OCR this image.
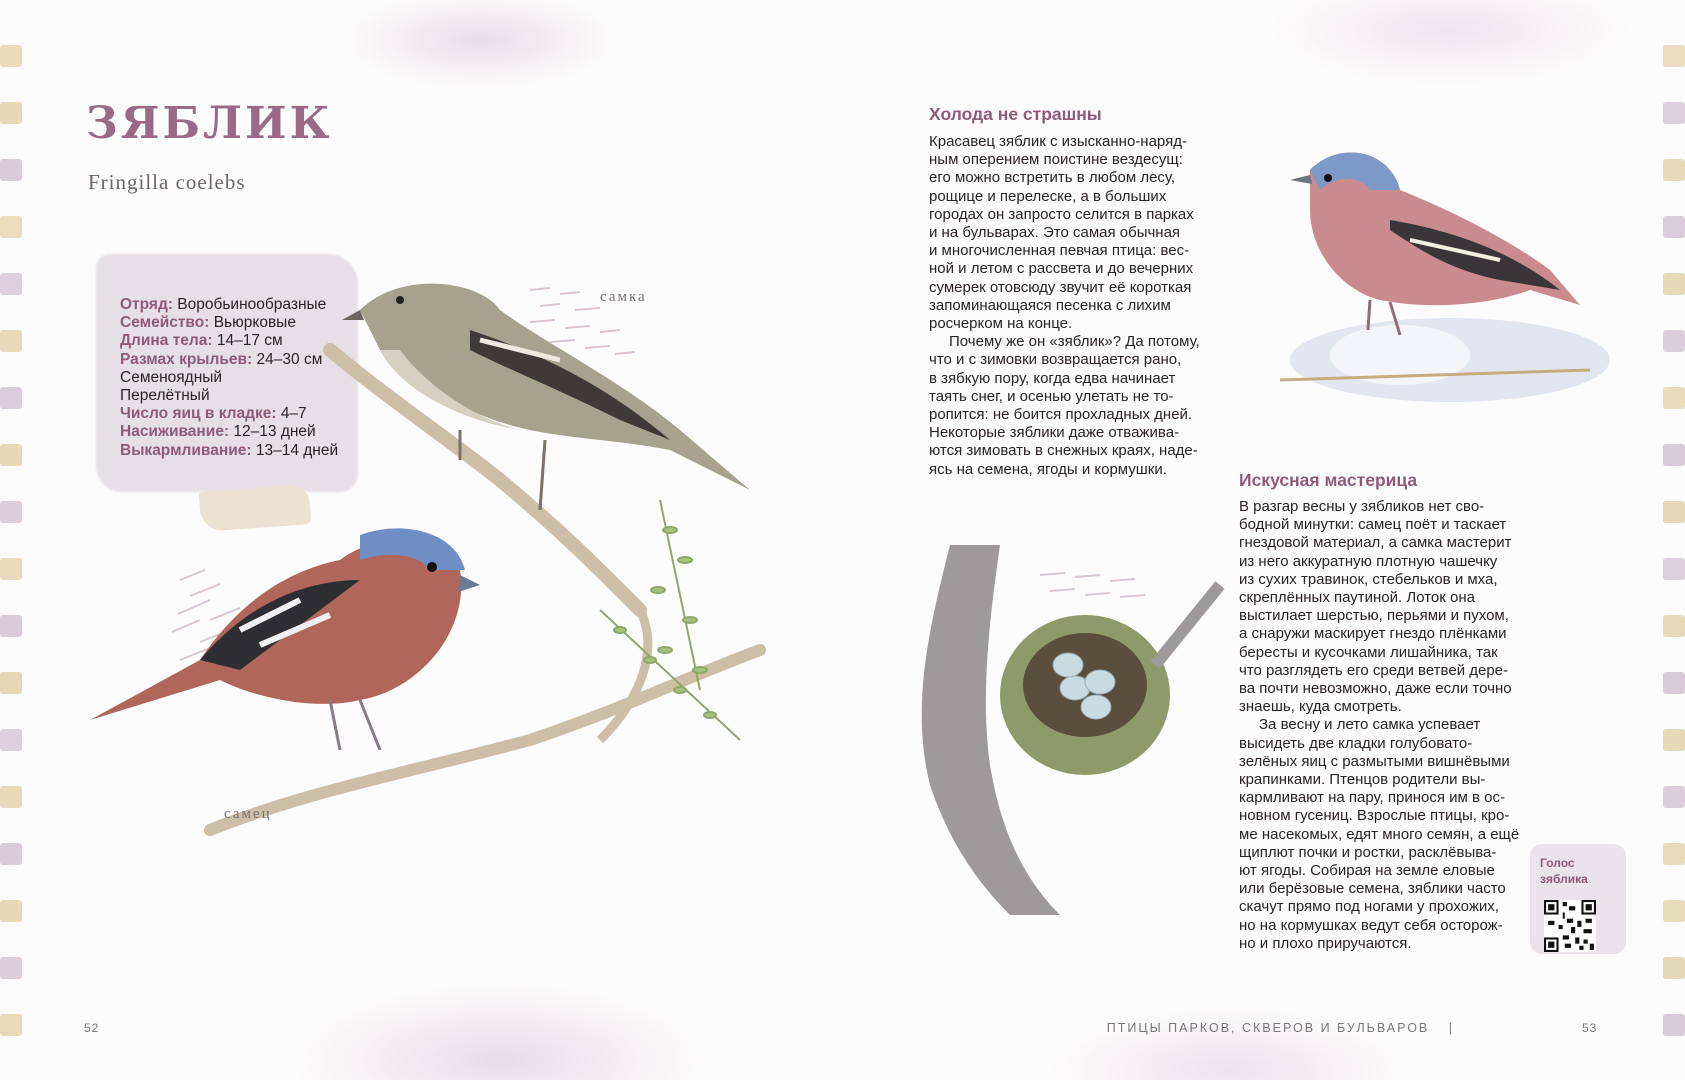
ЗЯБЛИК
Fringilla coelebs
Отряд: Воробьинообразные
Семейство: Вьюрковые
Длина тела: 14–17 см
Размах крыльев: 24–30 см
Семеноядный
Перелётный
Число яиц в кладке: 4–7
Насиживание: 12–13 дней
Выкармливание: 13–14 дней
самка
самец
52
Холода не страшны

Красавец зяблик с изысканно-наряд-

ным оперением поистине вездесущ:

его можно встретить в любом лесу,

рощице и перелеске, а в больших

городах он запросто селится в парках

и на бульварах. Это самая обычная

и многочисленная певчая птица: вес-

ной и летом с рассвета и до вечерних

сумерек отовсюду звучит её короткая

запоминающаяся песенка с лихим

росчерком на конце.

Почему же он «зяблик»? Да потому,

что и с зимовки возвращается рано,

в зябкую пору, когда едва начинает

таять снег, и осенью улетать не то-

ропится: не боится прохладных дней.

Некоторые зяблики даже отваживa-

ются зимовать в снежных краях, наде-

ясь на семена, ягоды и кормушки.

Искусная мастерица

В разгар весны у зябликов нет сво-

бодной минутки: самец поёт и таскает

гнездовой материал, а самка мастерит

из него аккуратную плотную чашечку

из сухих травинок, стебельков и мха,

скреплённых паутиной. Лоток она

выстилает шерстью, перьями и пухом,

а снаружи маскирует гнездо плёнками

бересты и кусочками лишайника, так

что разглядеть его среди ветвей дере-

ва почти невозможно, даже если точно

знаешь, куда смотреть.

За весну и лето самка успевает

высидеть две кладки голубовато-

зелёных яиц с размытыми вишнёвыми

крапинками. Птенцов родители вы-

кармливают на пару, принося им в ос-

новном гусениц. Взрослые птицы, кро-

ме насекомых, едят много семян, а ещё

щиплют почки и ростки, расклёвыва-

ют ягоды. Собирая на земле еловые

или берёзовые семена, зяблики часто

скачут прямо под ногами у прохожих,

но на кормушках ведут себя осторож-

но и плохо приручаются.

Голос зяблика
ПТИЦЫ ПАРКОВ, СКВЕРОВ И БУЛЬВАРОВ |	53
